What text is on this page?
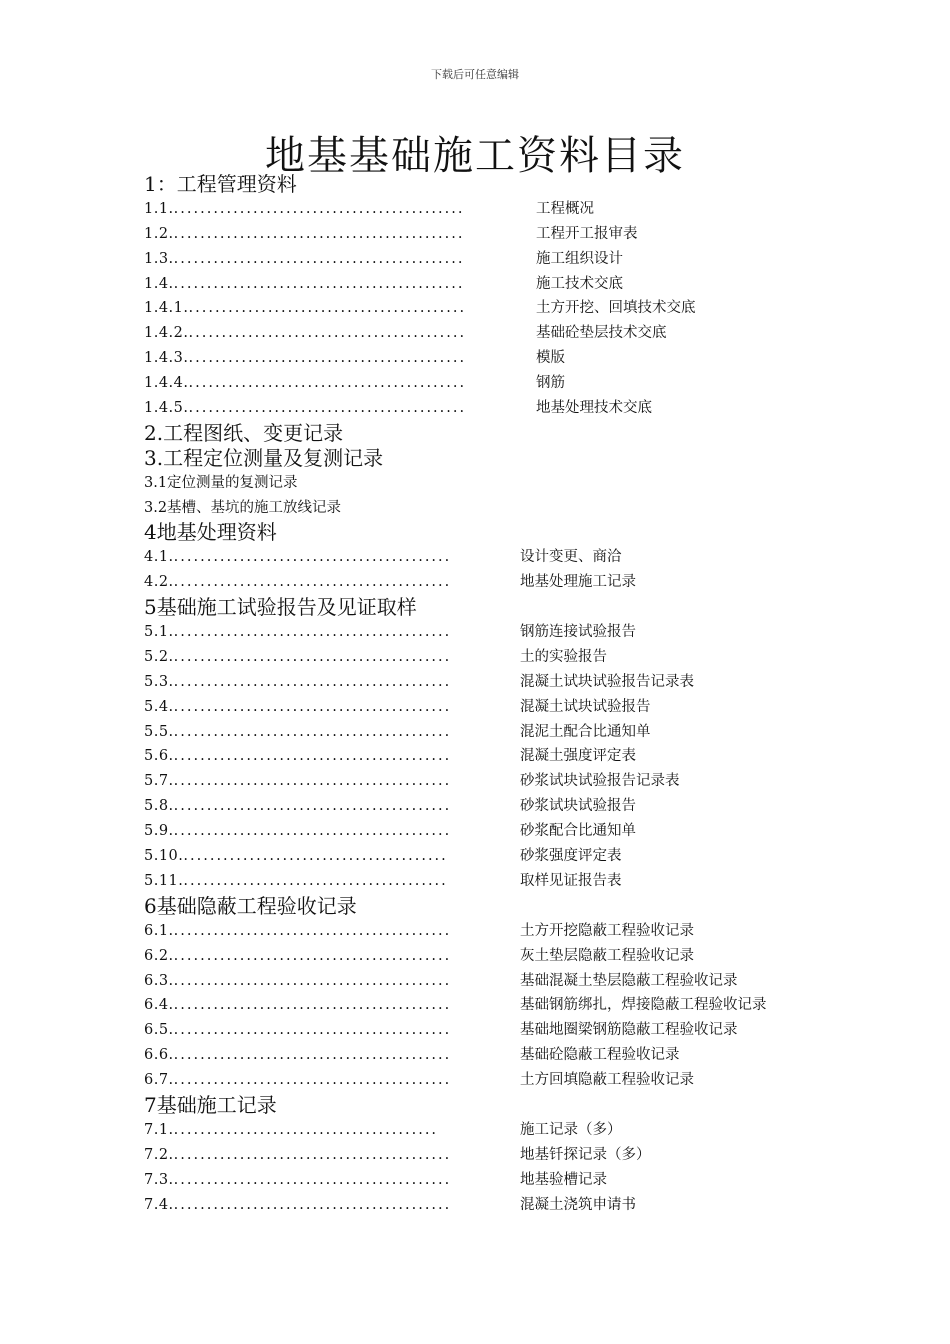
下载后可任意编辑
地基基础施工资料目录
1：工程管理资料
1.1.............................................	工程概况
1.2.............................................	工程开工报审表
1.3.............................................	施工组织设计
1.4.............................................	施工技术交底
1.4.1...........................................	土方开挖、回填技术交底
1.4.2...........................................	基础砼垫层技术交底
1.4.3...........................................	模版
1.4.4...........................................	钢筋
1.4.5...........................................	地基处理技术交底
2.工程图纸、变更记录
3.工程定位测量及复测记录
3.1定位测量的复测记录
3.2基槽、基坑的施工放线记录
4地基处理资料
4.1...........................................	设计变更、商洽
4.2...........................................	地基处理施工记录
5基础施工试验报告及见证取样
5.1...........................................	钢筋连接试验报告
5.2...........................................	土的实验报告
5.3...........................................	混凝土试块试验报告记录表
5.4...........................................	混凝土试块试验报告
5.5...........................................	混泥土配合比通知单
5.6...........................................	混凝土强度评定表
5.7...........................................	砂浆试块试验报告记录表
5.8...........................................	砂浆试块试验报告
5.9...........................................	砂浆配合比通知单
5.10.........................................	砂浆强度评定表
5.11.........................................	取样见证报告表
6基础隐蔽工程验收记录
6.1...........................................	土方开挖隐蔽工程验收记录
6.2...........................................	灰土垫层隐蔽工程验收记录
6.3...........................................	基础混凝土垫层隐蔽工程验收记录
6.4...........................................	基础钢筋绑扎，焊接隐蔽工程验收记录
6.5...........................................	基础地圈梁钢筋隐蔽工程验收记录
6.6...........................................	基础砼隐蔽工程验收记录
6.7...........................................	土方回填隐蔽工程验收记录
7基础施工记录
7.1.........................................	施工记录（多）
7.2...........................................	地基钎探记录（多）
7.3...........................................	地基验槽记录
7.4...........................................	混凝土浇筑申请书
